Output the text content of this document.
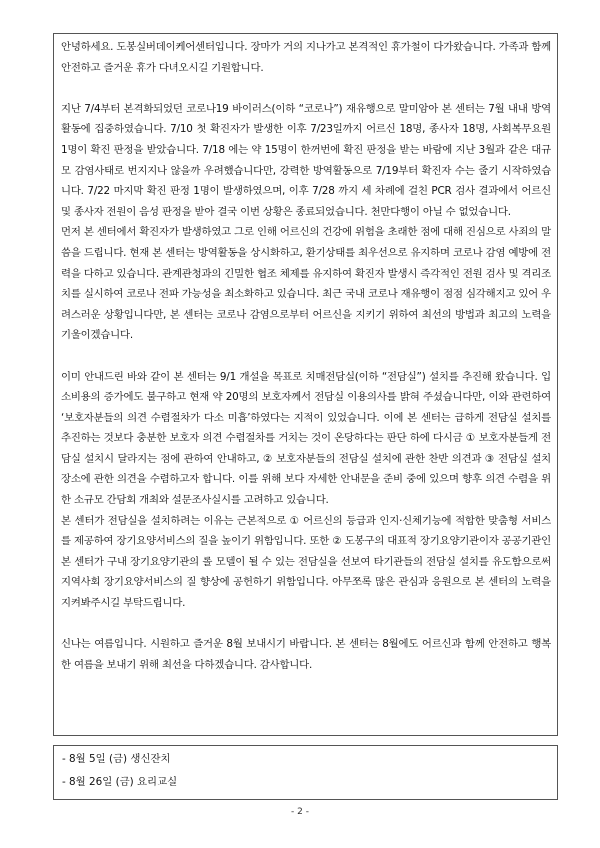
안녕하세요. 도봉실버데이케어센터입니다. 장마가 거의 지나가고 본격적인 휴가철이 다가왔습니다. 가족과 함께 안전하고 즐거운 휴가 다녀오시길 기원합니다.

지난 7/4부터 본격화되었던 코로나19 바이러스(이하 “코로나”) 재유행으로 말미암아 본 센터는 7월 내내 방역활동에 집중하였습니다. 7/10 첫 확진자가 발생한 이후 7/23일까지 어르신 18명, 종사자 18명, 사회복무요원 1명이 확진 판정을 받았습니다. 7/18 에는 약 15명이 한꺼번에 확진 판정을 받는 바람에 지난 3월과 같은 대규모 감염사태로 번지지나 않을까 우려했습니다만, 강력한 방역활동으로 7/19부터 확진자 수는 줄기 시작하였습니다. 7/22 마지막 확진 판정 1명이 발생하였으며, 이후 7/28 까지 세 차례에 걸친 PCR 검사 결과에서 어르신 및 종사자 전원이 음성 판정을 받아 결국 이번 상황은 종료되었습니다. 천만다행이 아닐 수 없었습니다.

먼저 본 센터에서 확진자가 발생하였고 그로 인해 어르신의 건강에 위험을 초래한 점에 대해 진심으로 사죄의 말씀을 드립니다. 현재 본 센터는 방역활동을 상시화하고, 환기상태를 최우선으로 유지하며 코로나 감염 예방에 전력을 다하고 있습니다. 관계관청과의 긴밀한 협조 체제를 유지하여 확진자 발생시 즉각적인 전원 검사 및 격리조치를 실시하여 코로나 전파 가능성을 최소화하고 있습니다. 최근 국내 코로나 재유행이 점점 심각해지고 있어 우려스러운 상황입니다만, 본 센터는 코로나 감염으로부터 어르신을 지키기 위하여 최선의 방법과 최고의 노력을 기울이겠습니다.

이미 안내드린 바와 같이 본 센터는 9/1 개설을 목표로 치매전담실(이하 “전담실”) 설치를 추진해 왔습니다. 입소비용의 증가에도 불구하고 현재 약 20명의 보호자께서 전담실 이용의사를 밝혀 주셨습니다만, 이와 관련하여 ‘보호자분들의 의견 수렴절차가 다소 미흡’하였다는 지적이 있었습니다. 이에 본 센터는 급하게 전담실 설치를 추진하는 것보다 충분한 보호자 의견 수렴절차를 거치는 것이 온당하다는 판단 하에 다시금 ① 보호자분들게 전담실 설치시 달라지는 점에 관하여 안내하고, ② 보호자분들의 전담실 설치에 관한 찬반 의견과 ③ 전담실 설치 장소에 관한 의견을 수렴하고자 합니다. 이를 위해 보다 자세한 안내문을 준비 중에 있으며 향후 의견 수렴을 위한 소규모 간담회 개최와 설문조사실시를 고려하고 있습니다.

본 센터가 전담실을 설치하려는 이유는 근본적으로 ① 어르신의 등급과 인지·신체기능에 적합한 맞춤형 서비스를 제공하여 장기요양서비스의 질을 높이기 위함입니다. 또한 ② 도봉구의 대표적 장기요양기관이자 공공기관인 본 센터가 구내 장기요양기관의 롤 모델이 될 수 있는 전담실을 선보여 타기관들의 전담실 설치를 유도함으로써 지역사회 장기요양서비스의 질 향상에 공헌하기 위함입니다. 아무쪼록 많은 관심과 응원으로 본 센터의 노력을 지켜봐주시길 부탁드립니다.

신나는 여름입니다. 시원하고 즐거운 8월 보내시기 바랍니다. 본 센터는 8월에도 어르신과 함께 안전하고 행복한 여름을 보내기 위해 최선을 다하겠습니다. 감사합니다.

- 8월 5일 (금) 생신잔치

- 8월 26일 (금) 요리교실

- 2 -
